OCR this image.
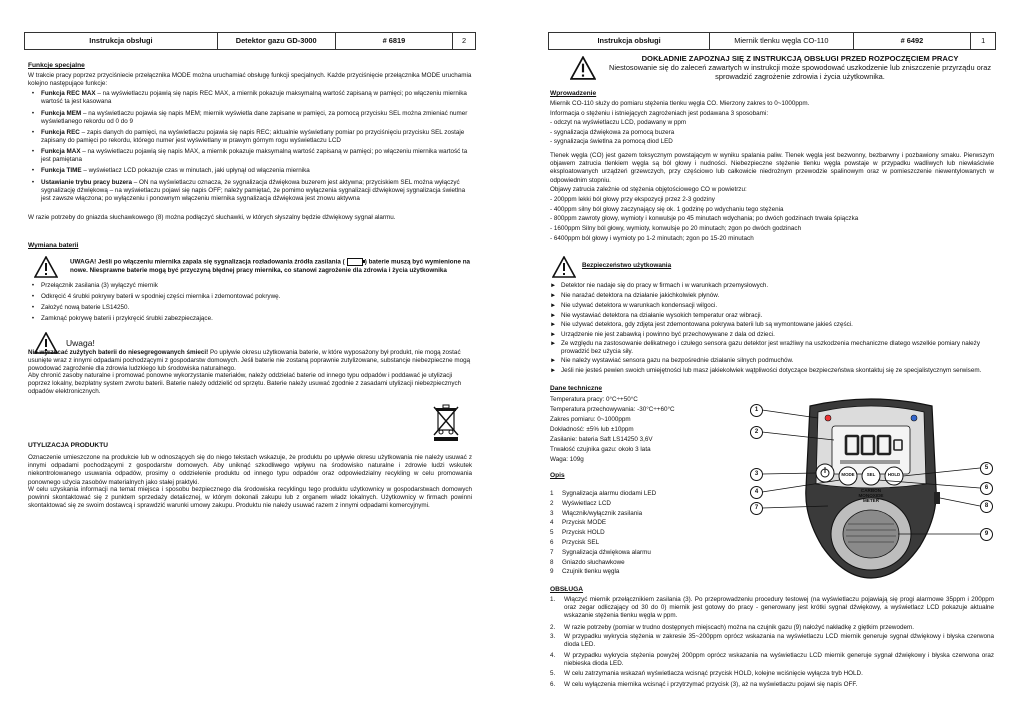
Instrukcja obsługi	Detektor gazu GD-3000	# 6819	2
Funkcje specjalne

W trakcie pracy poprzez przyciśniecie przełącznika MODE można uruchamiać obsługę funkcji specjalnych. Każde przyciśnięcie przełącznika MODE uruchamia kolejno następujące funkcje:

•	Funkcja REC MAX – na wyświetlaczu pojawią się napis REC MAX, a miernik pokazuje maksymalną wartość zapisaną w pamięci; po włączeniu miernika wartość ta jest kasowana
•	Funkcja MEM – na wyświetlaczu pojawia się napis MEM; miernik wyświetla dane zapisane w pamięci, za pomocą przycisku SEL można zmieniać numer wyświetlanego rekordu od 0 do 9
•	Funkcja REC – zapis danych do pamięci, na wyświetlaczu pojawia się napis REC; aktualnie wyświetlany pomiar po przyciśnięciu przycisku SEL zostaje zapisany do pamięci po rekordu, którego numer jest wyświetlany w prawym górnym rogu wyświetlaczu LCD
•	Funkcja MAX – na wyświetlaczu pojawią się napis MAX, a miernik pokazuje maksymalną wartość zapisaną w pamięci; po włączeniu miernika wartość ta jest pamiętana
•	Funkcja TIME – wyświetlacz LCD pokazuje czas w minutach, jaki upłynął od włączenia miernika
•	Ustawianie trybu pracy buzera – ON na wyświetlaczu oznacza, że sygnalizacja dźwiękowa buzerem jest aktywna; przyciskiem SEL można wyłączyć sygnalizację dźwiękową – na wyświetlaczu pojawi się napis OFF; należy pamiętać, że pomimo wyłączenia sygnalizacji dźwiękowej sygnalizacja świetlna jest zawsze włączona; po wyłączeniu i ponownym włączeniu miernika sygnalizacja dźwiękowa jest znowu aktywna

W razie potrzeby do gniazda słuchawkowego (8) można podłączyć słuchawki, w których słyszalny będzie dźwiękowy sygnał alarmu.

Wymiana baterii

UWAGA! Jeśli po włączeniu miernika zapala się sygnalizacja rozładowania źródła zasilania (	) baterie muszą być wymienione na nowe. Niesprawne baterie mogą być przyczyną błędnej pracy miernika, co stanowi zagrożenie dla zdrowia i życia użytkownika

•	Przełącznik zasilania (3) wyłączyć miernik
•	Odkręcić 4 śrubki pokrywy baterii w spodniej części miernika i zdemontować pokrywę.
•	Założyć nową baterie LS14250.
•	Zamknąć pokrywę baterii i przykręcić śrubki zabezpieczające.
Uwaga!

Nie wyrzucać zużytych baterii do niesegregowanych śmieci! Po upływie okresu użytkowania baterie, w które wyposażony był produkt, nie mogą zostać usunięte wraz z innymi odpadami pochodzącymi z gospodarstw domowych. Jeśli baterie nie zostaną poprawnie zutylizowane, substancje niebezpieczne mogą powodować zagrożenie dla zdrowia ludzkiego lub środowiska naturalnego.

Aby chronić zasoby naturalne i promować ponowne wykorzystanie materiałów, należy oddzielać baterie od innego typu odpadów i poddawać je utylizacji poprzez lokalny, bezpłatny system zwrotu baterii. Baterie należy oddzielić od sprzętu. Baterie należy usuwać zgodnie z zasadami utylizacji niebezpiecznych odpadów elektronicznych.

UTYLIZACJA PRODUKTU

Oznaczenie umieszczone na produkcie lub w odnoszących się do niego tekstach wskazuje, że produktu po upływie okresu użytkowania nie należy usuwać z innymi odpadami pochodzącymi z gospodarstw domowych. Aby uniknąć szkodliwego wpływu na środowisko naturalne i zdrowie ludzi wskutek niekontrolowanego usuwania odpadów, prosimy o oddzielenie produktu od innego typu odpadów oraz odpowiedzialny recykling w celu promowania ponownego użycia zasobów materialnych jako stałej praktyki.

W celu uzyskania informacji na temat miejsca i sposobu bezpiecznego dla środowiska recyklingu tego produktu użytkownicy w gospodarstwach domowych powinni skontaktować się z punktem sprzedaży detalicznej, w którym dokonali zakupu lub z organem władz lokalnych. Użytkownicy w firmach powinni skontaktować się ze swoim dostawcą i sprawdzić warunki umowy zakupu. Produktu nie należy usuwać razem z innymi odpadami komercyjnymi.

Instrukcja obsługi	Miernik tlenku węgla CO-110	# 6492	1
DOKŁADNIE ZAPOZNAJ SIĘ Z INSTRUKCJĄ OBSŁUGI PRZED ROZPOCZĘCIEM PRACY

Niestosowanie się do zaleceń zawartych w instrukcji może spowodować uszkodzenie lub zniszczenie przyrządu oraz sprowadzić zagrożenie zdrowia i życia użytkownika.

Wprowadzenie
Miernik CO-110 służy do pomiaru stężenia tlenku węgla CO. Mierzony zakres to 0~1000ppm.
Informacja o stężeniu i istniejących zagrożeniach jest podawana 3 sposobami:
- odczyt na wyświetlaczu LCD, podawany w ppm
- sygnalizacja dźwiękowa za pomocą buzera
- sygnalizacja świetlna za pomocą diod LED

Tlenek węgla (CO) jest gazem toksycznym powstającym w wyniku spalania paliw. Tlenek węgla jest bezwonny, bezbarwny i pozbawiony smaku. Pierwszym objawem zatrucia tlenkiem węgla są ból głowy i nudności. Niebezpieczne stężenie tlenku węgla powstaje w przypadku wadliwych lub niewłaściwie eksploatowanych urządzeń grzewczych, przy częściowo lub całkowicie niedrożnym przewodzie spalinowym oraz w pomieszczenie niewentylowanych w odpowiednim stopniu.

Objawy zatrucia zależnie od stężenia objętościowego CO w powietrzu:
- 200ppm lekki ból głowy przy ekspozycji przez 2-3 godziny
- 400ppm silny ból głowy zaczynający się ok. 1 godzinę po wdychaniu tego stężenia
- 800ppm zawroty głowy, wymioty i konwulsje po 45 minutach wdychania; po dwóch godzinach trwała śpiączka
- 1600ppm Silny ból głowy, wymioty, konwulsje po 20 minutach; zgon po dwóch godzinach
- 6400ppm ból głowy i wymioty po 1-2 minutach; zgon po 15-20 minutach
Bezpieczeństwo użytkowania
► Detektor nie nadaje się do pracy w firmach i w warunkach przemysłowych.
► Nie narażać detektora na działanie jakichkolwiek płynów.
► Nie używać detektora w warunkach kondensacji wilgoci.
► Nie wystawiać detektora na działanie wysokich temperatur oraz wibracji.
► Nie używać detektora, gdy zdjęta jest zdemontowana pokrywa baterii lub są wymontowane jakieś części.
► Urządzenie nie jest zabawką i powinno być przechowywane z dala od dzieci.
► Ze względu na zastosowanie delikatnego i czułego sensora gazu detektor jest wrażliwy na uszkodzenia mechaniczne dlatego wszelkie pomiary należy prowadzić bez użycia siły.
► Nie należy wystawiać sensora gazu na bezpośrednie działanie silnych podmuchów.
► Jeśli nie jesteś pewien swoich umiejętności lub masz jakiekolwiek wątpliwości dotyczące bezpieczeństwa skontaktuj się ze specjalistycznym serwisem.
Dane techniczne
Temperatura pracy: 0°C÷+50°C
Temperatura przechowywania: -30°C÷+60°C
Zakres pomiaru: 0~1000ppm
Dokładność: ±5% lub ±10ppm
Zasilanie: bateria Saft LS14250 3,6V
Trwałość czujnika gazu: około 3 lata
Waga: 109g
Opis
1	Sygnalizacja alarmu diodami LED
2	Wyświetlacz LCD
3	Włącznik/wyłącznik zasilania
4	Przycisk MODE
5	Przycisk HOLD
6	Przycisk SEL
7	Sygnalizacja dźwiękowa alarmu
8	Gniazdo słuchawkowe
9	Czujnik tlenku węgla
MODE	SEL	HOLD
CARBON
MONOXIDE
METER
1
2
3
4
7
5
6
8
9
OBSŁUGA
1.	Włączyć miernik przełącznikiem zasilania (3). Po przeprowadzeniu procedury testowej (na wyświetlaczu pojawiają się progi alarmowe 35ppm i 200ppm oraz zegar odliczający od 30 do 0) miernik jest gotowy do pracy - generowany jest krótki sygnał dźwiękowy, a wyświetlacz LCD pokazuje aktualne wskazanie stężenia tlenku węgla w ppm.
2.	W razie potrzeby (pomiar w trudno dostępnych miejscach) można na czujnik gazu (9) nałożyć nakładkę z giętkim przewodem.
3.	W przypadku wykrycia stężenia w zakresie 35~200ppm oprócz wskazania na wyświetlaczu LCD miernik generuje sygnał dźwiękowy i błyska czerwona dioda LED.
4.	W przypadku wykrycia stężenia powyżej 200ppm oprócz wskazania na wyświetlaczu LCD miernik generuje sygnał dźwiękowy i błyska czerwona oraz niebieska dioda LED.
5.	W celu zatrzymania wskazań wyświetlacza wcisnąć przycisk HOLD, kolejne wciśnięcie wyłącza tryb HOLD.
6.	W celu wyłączenia miernika wcisnąć i przytrzymać przycisk (3), aż na wyświetlaczu pojawi się napis OFF.
